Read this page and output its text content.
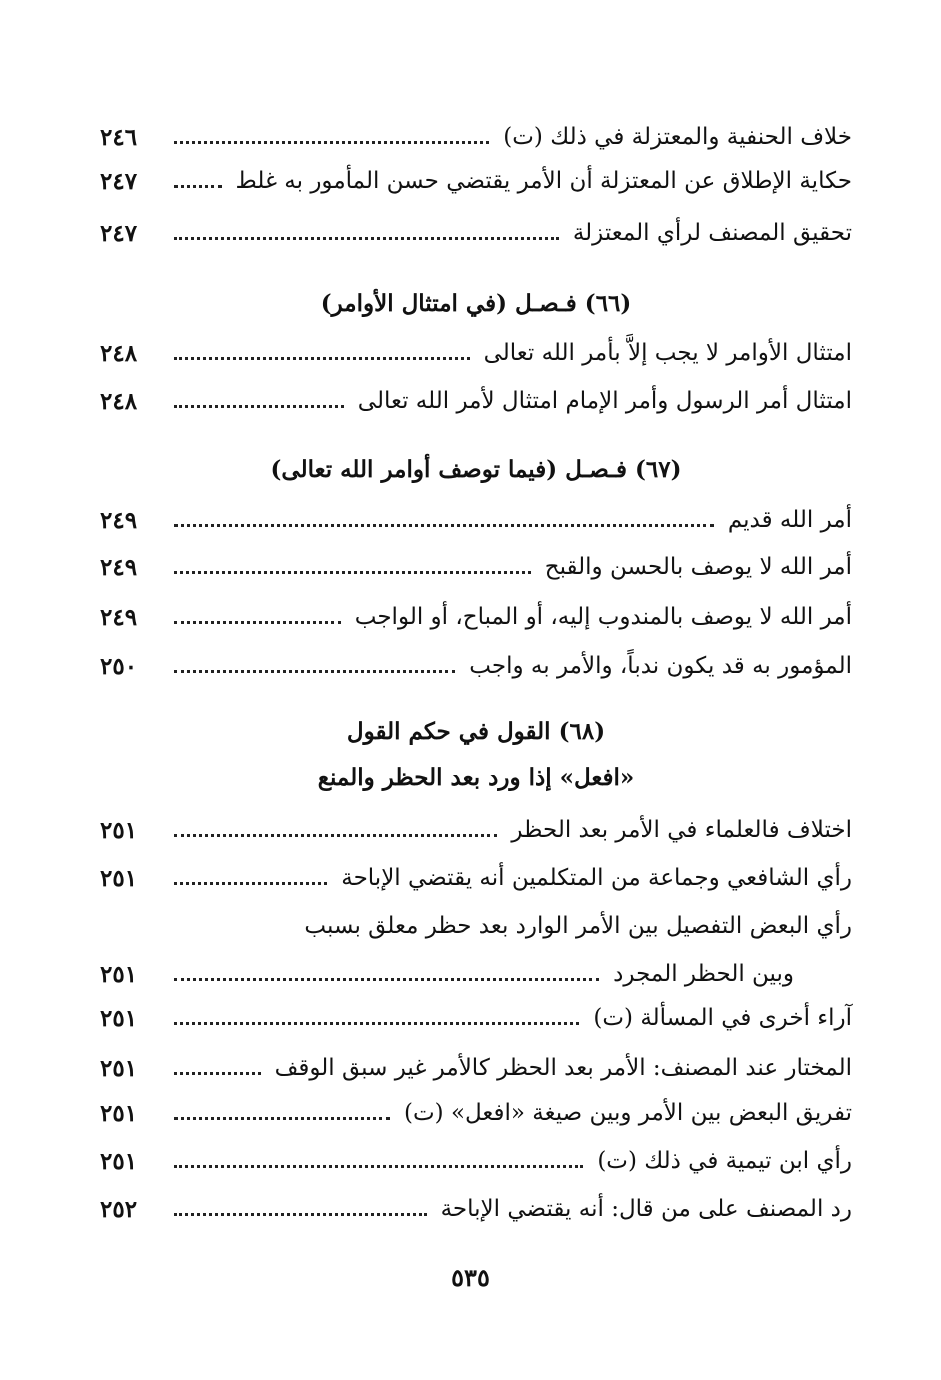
٢٤٦	خلاف الحنفية والمعتزلة في ذلك (ت)
٢٤٧	حكاية الإطلاق عن المعتزلة أن الأمر يقتضي حسن المأمور به غلط
٢٤٧	تحقيق المصنف لرأي المعتزلة
(٦٦) فـصـل (في امتثال الأوامر)
٢٤٨	امتثال الأوامر لا يجب إلاَّ بأمر الله تعالى
٢٤٨	امتثال أمر الرسول وأمر الإمام امتثال لأمر الله تعالى
(٦٧) فـصـل (فيما توصف أوامر الله تعالى)
٢٤٩	أمر الله قديم
٢٤٩	أمر الله لا يوصف بالحسن والقبح
٢٤٩	أمر الله لا يوصف بالمندوب إليه، أو المباح، أو الواجب
٢٥٠	المؤمور به قد يكون ندباً، والأمر به واجب
(٦٨) القول في حكم القول
«افعل» إذا ورد بعد الحظر والمنع
٢٥١	اختلاف فالعلماء في الأمر بعد الحظر
٢٥١	رأي الشافعي وجماعة من المتكلمين أنه يقتضي الإباحة
رأي البعض التفصيل بين الأمر الوارد بعد حظر معلق بسبب
٢٥١	وبين الحظر المجرد
٢٥١	آراء أخرى في المسألة (ت)
٢٥١	المختار عند المصنف: الأمر بعد الحظر كالأمر غير سبق الوقف
٢٥١	تفريق البعض بين الأمر وبين صيغة «افعل» (ت)
٢٥١	رأي ابن تيمية في ذلك (ت)
٢٥٢	رد المصنف على من قال: أنه يقتضي الإباحة
٥٣٥
